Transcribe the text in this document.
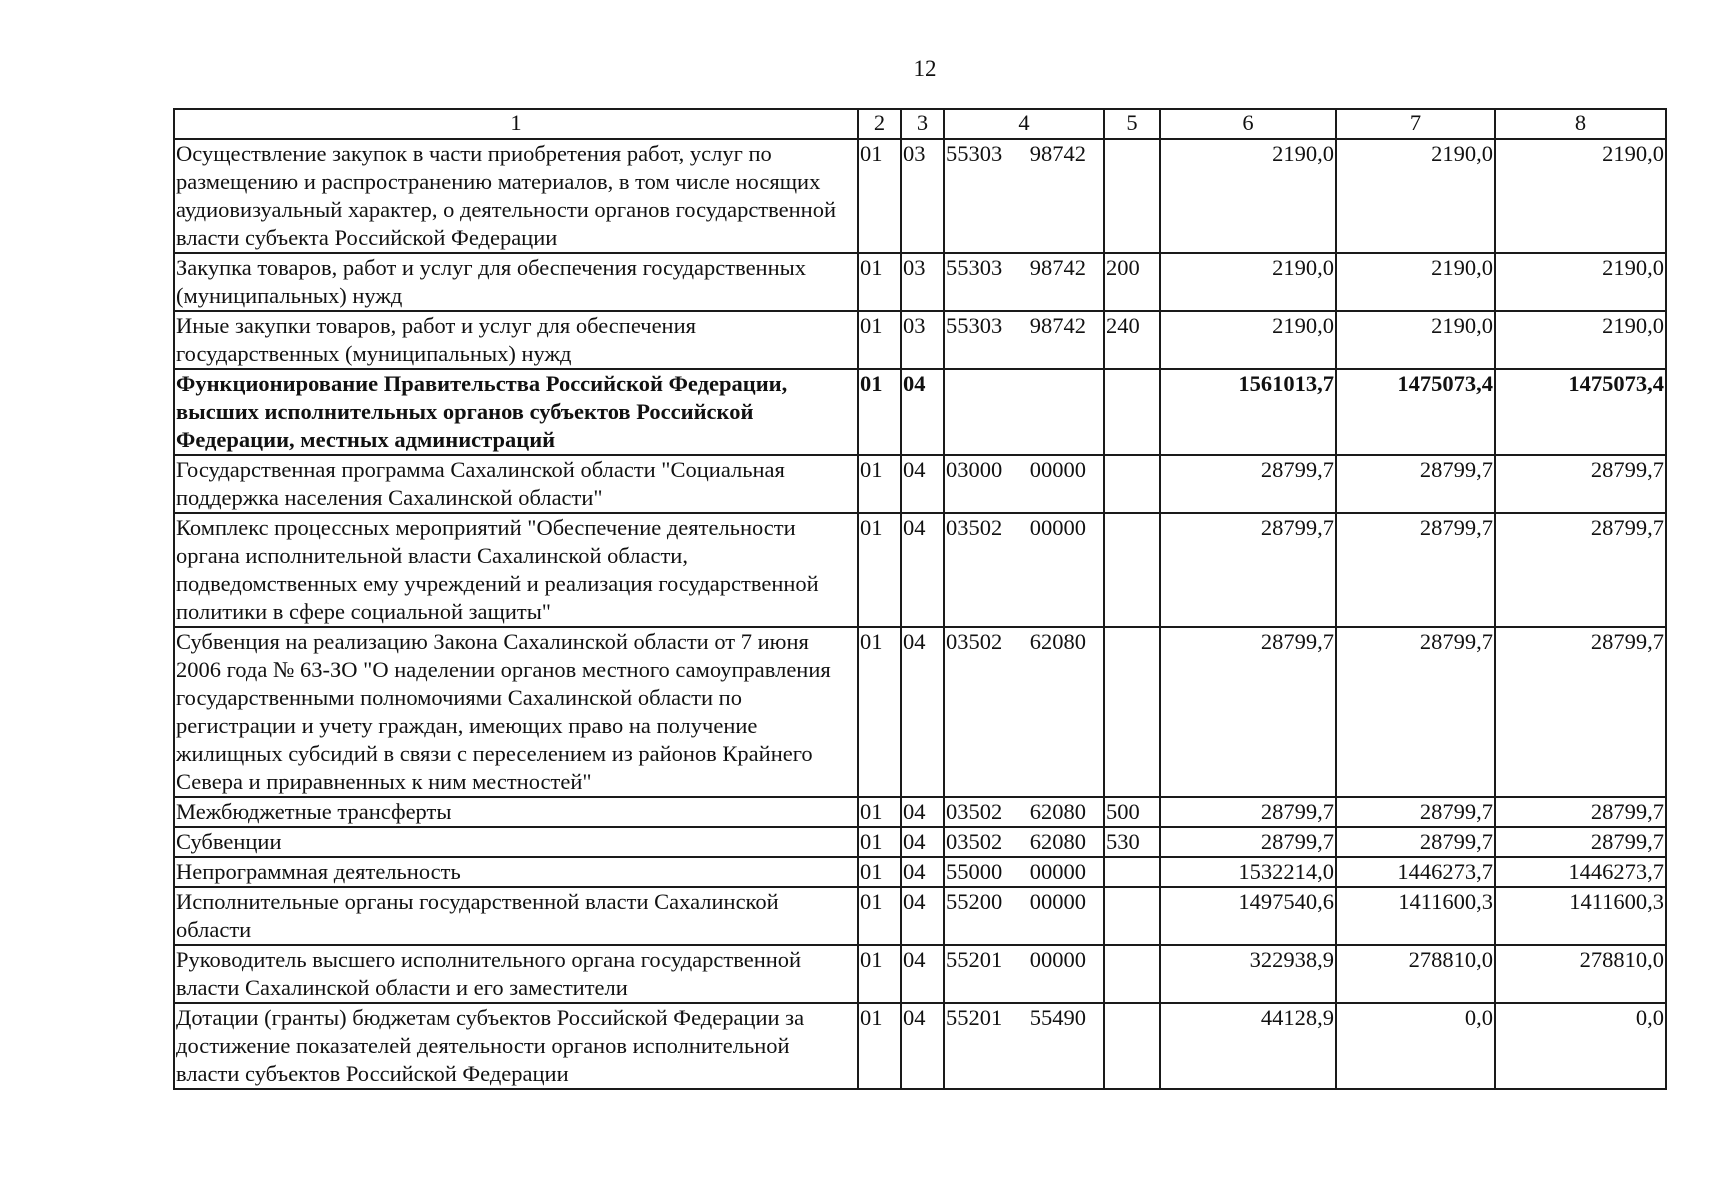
12
1	2	3	4	5	6	7	8
Осуществление закупок в части приобретения работ, услуг по размещению и распространению материалов, в том числе носящих аудиовизуальный характер, о деятельности органов государственной власти субъекта Российской Федерации	01	03	55303 98742		2190,0	2190,0	2190,0
Закупка товаров, работ и услуг для обеспечения государственных (муниципальных) нужд	01	03	55303 98742	200	2190,0	2190,0	2190,0
Иные закупки товаров, работ и услуг для обеспечения государственных (муниципальных) нужд	01	03	55303 98742	240	2190,0	2190,0	2190,0
Функционирование Правительства Российской Федерации, высших исполнительных органов субъектов Российской Федерации, местных администраций	01	04			1561013,7	1475073,4	1475073,4
Государственная программа Сахалинской области "Социальная поддержка населения Сахалинской области"	01	04	03000 00000		28799,7	28799,7	28799,7
Комплекс процессных мероприятий "Обеспечение деятельности органа исполнительной власти Сахалинской области, подведомственных ему учреждений и реализация государственной политики в сфере социальной защиты"	01	04	03502 00000		28799,7	28799,7	28799,7
Субвенция на реализацию Закона Сахалинской области от 7 июня 2006 года № 63-ЗО "О наделении органов местного самоуправления государственными полномочиями Сахалинской области по регистрации и учету граждан, имеющих право на получение жилищных субсидий в связи с переселением из районов Крайнего Севера и приравненных к ним местностей"	01	04	03502 62080		28799,7	28799,7	28799,7
Межбюджетные трансферты	01	04	03502 62080	500	28799,7	28799,7	28799,7
Субвенции	01	04	03502 62080	530	28799,7	28799,7	28799,7
Непрограммная деятельность	01	04	55000 00000		1532214,0	1446273,7	1446273,7
Исполнительные органы государственной власти Сахалинской области	01	04	55200 00000		1497540,6	1411600,3	1411600,3
Руководитель высшего исполнительного органа государственной власти Сахалинской области и его заместители	01	04	55201 00000		322938,9	278810,0	278810,0
Дотации (гранты) бюджетам субъектов Российской Федерации за достижение показателей деятельности органов исполнительной власти субъектов Российской Федерации	01	04	55201 55490		44128,9	0,0	0,0
